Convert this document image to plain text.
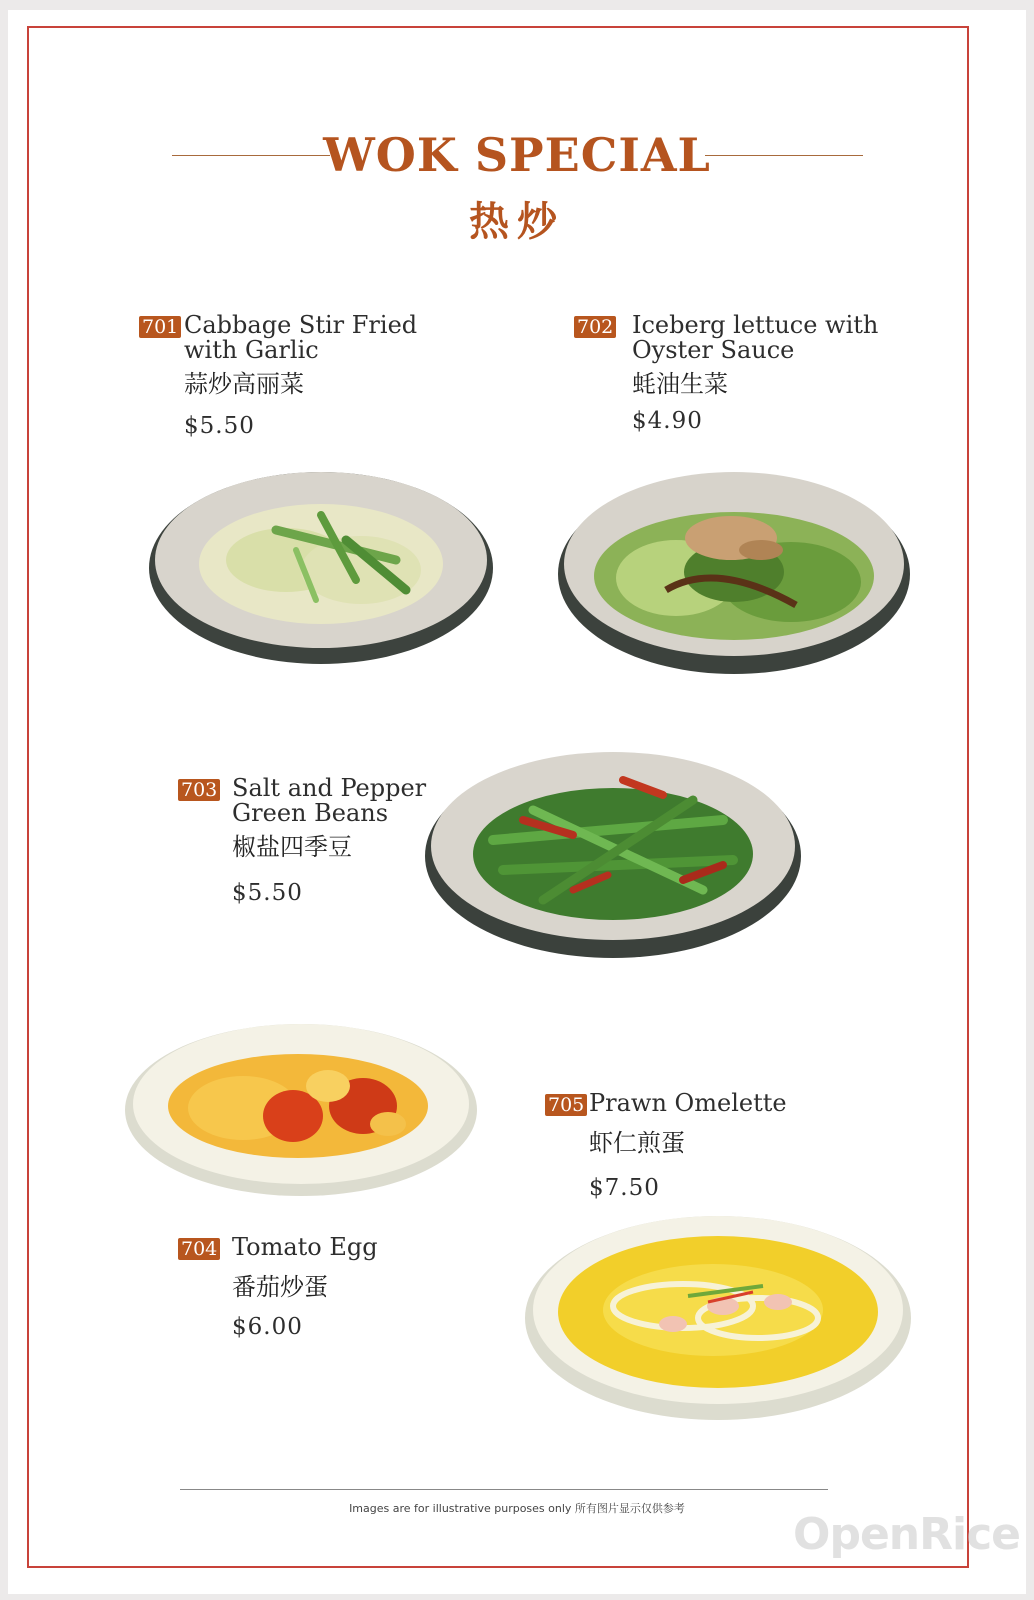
WOK SPECIAL
热炒
701 Cabbage Stir Fried
with Garlic
蒜炒高丽菜
$5.50
702 Iceberg lettuce with
Oyster Sauce
蚝油生菜
$4.90
703 Salt and Pepper
Green Beans
椒盐四季豆
$5.50
704 Tomato Egg
番茄炒蛋
$6.00
705 Prawn Omelette
虾仁煎蛋
$7.50
Images are for illustrative purposes only 所有图片显示仅供参考
OpenRice
